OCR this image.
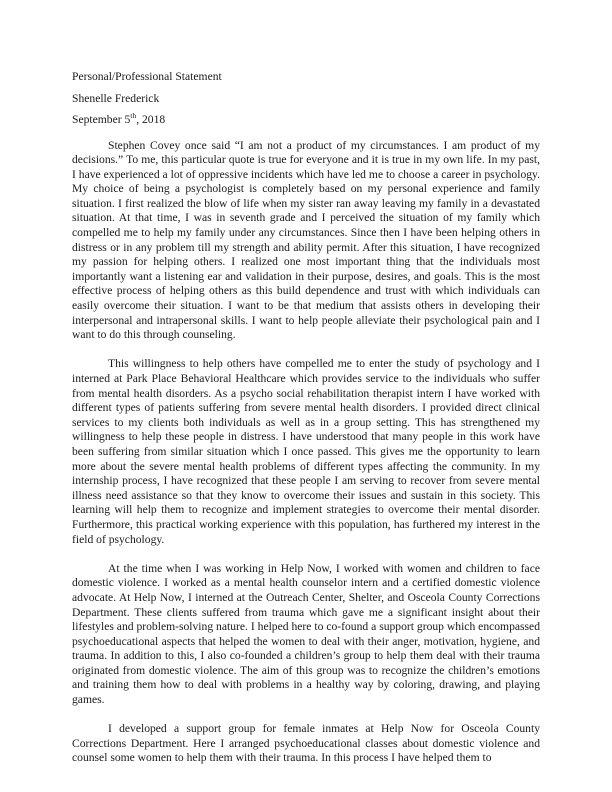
Personal/Professional Statement

Shenelle Frederick

September 5th, 2018

Stephen Covey once said “I am not a product of my circumstances. I am product of my decisions.” To me, this particular quote is true for everyone and it is true in my own life. In my past, I have experienced a lot of oppressive incidents which have led me to choose a career in psychology. My choice of being a psychologist is completely based on my personal experience and family situation. I first realized the blow of life when my sister ran away leaving my family in a devastated situation. At that time, I was in seventh grade and I perceived the situation of my family which compelled me to help my family under any circumstances. Since then I have been helping others in distress or in any problem till my strength and ability permit. After this situation, I have recognized my passion for helping others. I realized one most important thing that the individuals most importantly want a listening ear and validation in their purpose, desires, and goals. This is the most effective process of helping others as this build dependence and trust with which individuals can easily overcome their situation. I want to be that medium that assists others in developing their interpersonal and intrapersonal skills. I want to help people alleviate their psychological pain and I want to do this through counseling.

This willingness to help others have compelled me to enter the study of psychology and I interned at Park Place Behavioral Healthcare which provides service to the individuals who suffer from mental health disorders. As a psycho social rehabilitation therapist intern I have worked with different types of patients suffering from severe mental health disorders. I provided direct clinical services to my clients both individuals as well as in a group setting. This has strengthened my willingness to help these people in distress. I have understood that many people in this work have been suffering from similar situation which I once passed. This gives me the opportunity to learn more about the severe mental health problems of different types affecting the community. In my internship process, I have recognized that these people I am serving to recover from severe mental illness need assistance so that they know to overcome their issues and sustain in this society. This learning will help them to recognize and implement strategies to overcome their mental disorder. Furthermore, this practical working experience with this population, has furthered my interest in the field of psychology.

At the time when I was working in Help Now, I worked with women and children to face domestic violence. I worked as a mental health counselor intern and a certified domestic violence advocate. At Help Now, I interned at the Outreach Center, Shelter, and Osceola County Corrections Department. These clients suffered from trauma which gave me a significant insight about their lifestyles and problem-solving nature. I helped here to co-found a support group which encompassed psychoeducational aspects that helped the women to deal with their anger, motivation, hygiene, and trauma. In addition to this, I also co-founded a children’s group to help them deal with their trauma originated from domestic violence. The aim of this group was to recognize the children’s emotions and training them how to deal with problems in a healthy way by coloring, drawing, and playing games.

I developed a support group for female inmates at Help Now for Osceola County Corrections Department. Here I arranged psychoeducational classes about domestic violence and counsel some women to help them with their trauma. In this process I have helped them to
